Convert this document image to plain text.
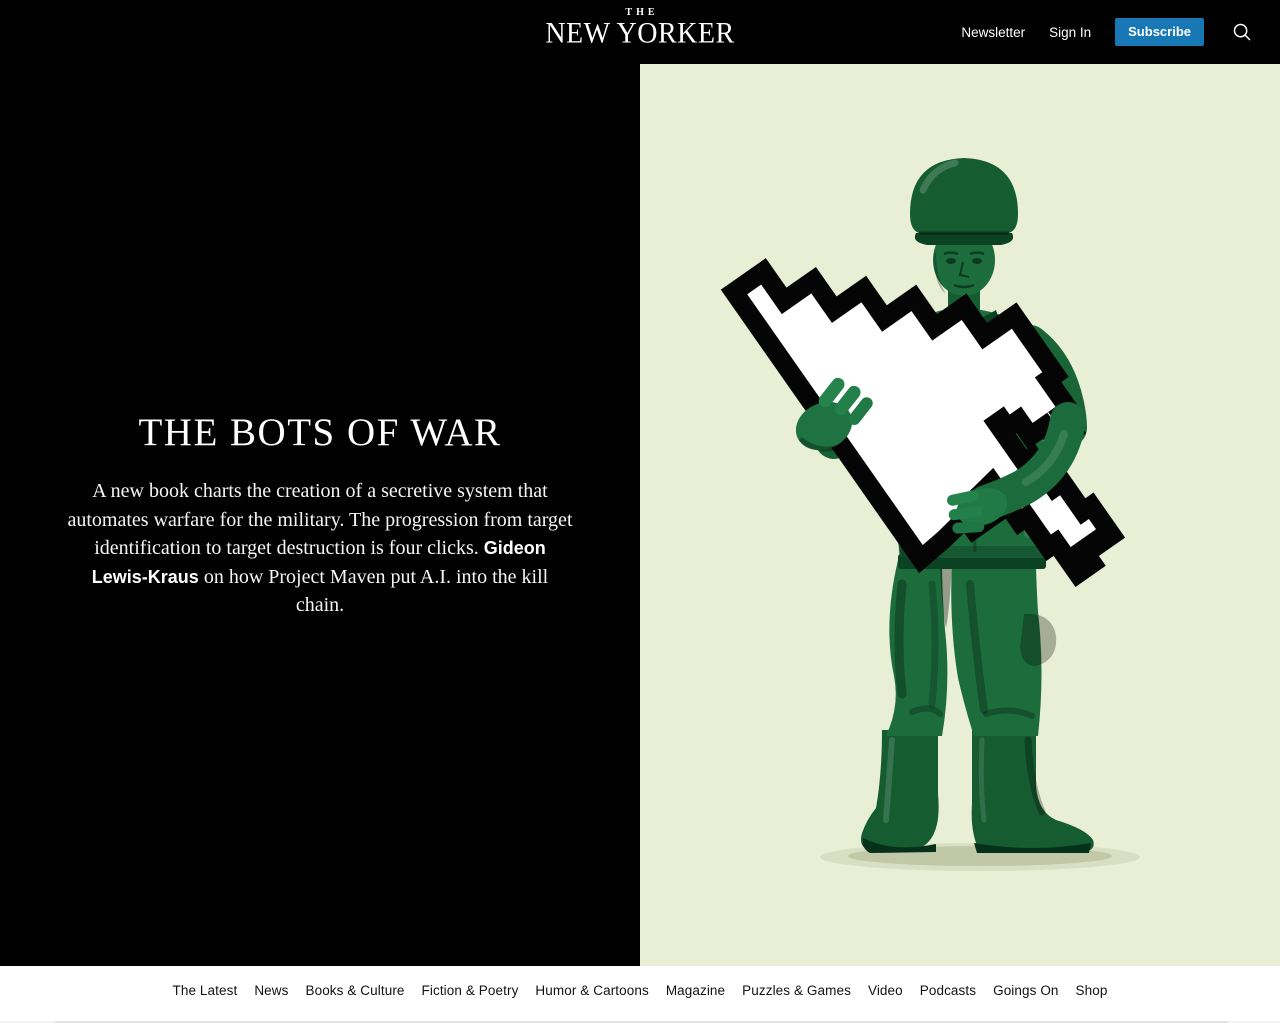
THE
NEW YORKER	Newsletter Sign In	Subscribe
THE BOTS OF WAR

A new book charts the creation of a secretive system that automates warfare for the military. The progression from target identification to target destruction is four clicks. Gideon Lewis-Kraus on how Project Maven put A.I. into the kill chain.

The Latest News Books & Culture Fiction & Poetry Humor & Cartoons Magazine Puzzles & Games Video Podcasts Goings On Shop
